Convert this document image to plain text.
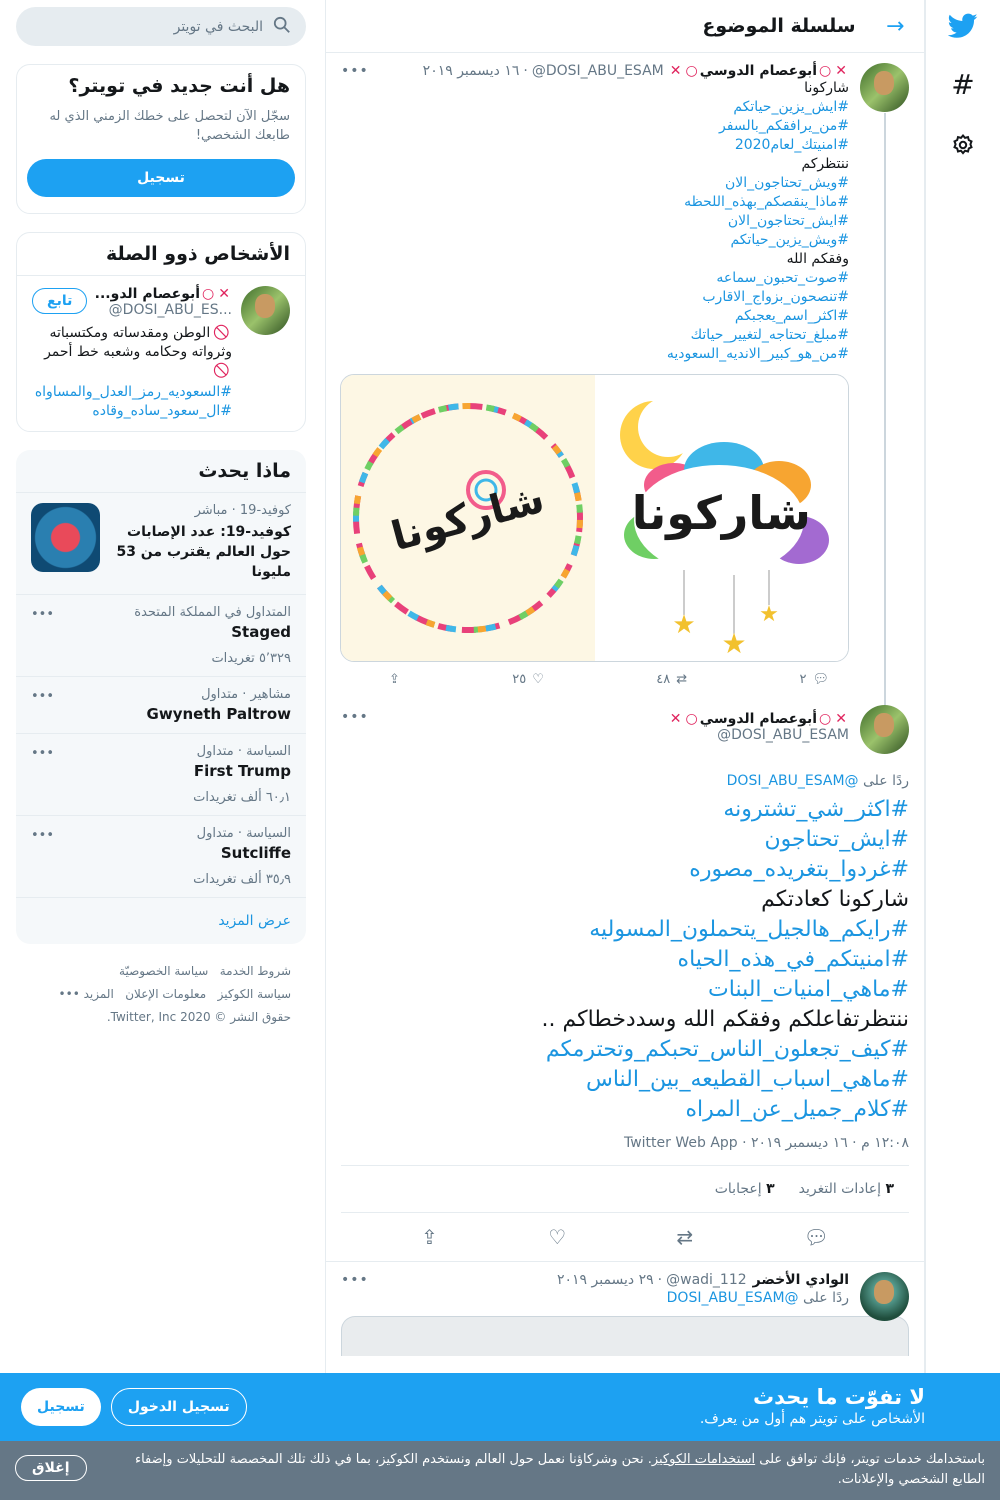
#
←
سلسلة الموضوع
•••	✕
○
أبوعصام الدوسي
○
✕
@DOSI_ABU_ESAM
·
١٦ ديسمبر ٢٠١٩
شاركونا
#ايش_يزين_حياتكم
#من_يرافقكم_بالسفر
#امنيتك_لعام2020
ننتظركم
#ويش_تحتاجون_الان
#ماذا_ينقصكم_بهذه_اللحظه
#ايش_تحتاجون_الان
#ويش_يزين_حياتكم
وفقكم الله
#صوت_تحبون_سماعه
#تنصحون_بزواج_الاقارب
#اكثر_اسم_يعجبكم
#مبلغ_تحتاجه_لتغيير_حياتك
#من_هو_كبير_الانديه_السعوديه
★
★
★
شاركونا
شاركونا
💬︎
٢
⇄
٤٨
♡
٢٥
⇪
•••	✕
○
أبوعصام الدوسي
○
✕
@DOSI_ABU_ESAM
ردًا على @DOSI_ABU_ESAM
#اكثر_شي_تشترونه
#ايش_تحتاجون
#غردوا_بتغريده_مصوره
شاركونا كعادتكم
#رايكم_هالجيل_يتحملون_المسوليه
#امنيتكم_في_هذه_الحياه
#ماهي_امنيات_البنات
ننتظرتفاعلكم وفقكم الله وسددخطاكم ..
#كيف_تجعلون_الناس_تحبكم_وتحترمكم
#ماهي_اسباب_القطيعه_بين_الناس
#كلام_جميل_عن_المراه
١٢:٠٨ م · ١٦ ديسمبر ٢٠١٩ · Twitter Web App
٣ إعادات التغريد
٣ إعجابات
💬︎
⇄
♡
⇪
•••	الوادي الأخضر
@wadi_112
·
٢٩ ديسمبر ٢٠١٩
ردًا على @DOSI_ABU_ESAM
البحث في تويتر
هل أنت جديد في تويتر؟
سجّل الآن لتحصل على خطك الزمني الذي له طابعك الشخصي!
تسجيل
الأشخاص ذوو الصلة
✕
○
أبوعصام الدو...
@DOSI_ABU_ES...
🚫︎الوطن ومقدساته ومكتسباته وثرواته وحكامه وشعبه خط أحمر🚫︎
#السعوديه_رمز_العدل_والمساواه #ال_سعود_ساده_وقاده
تابع
ماذا يحدث
كوفيد-19 · مباشر
كوفيد-19: عدد الإصابات حول العالم يقترب من 53 مليونا
المتداول في المملكة المتحدة
Staged
٥٬٣٢٩ تغريدات
•••
مشاهير · متداول
Gwyneth Paltrow
•••
السياسة · متداول
First Trump
٦٠٫١ ألف تغريدات
•••
السياسة · متداول
Sutcliffe
٣٥٫٩ ألف تغريدات
•••
عرض المزيد
شروط الخدمة   سياسة الخصوصيّة
سياسة الكوكيز   معلومات الإعلان   المزيد •••
حقوق النشر © 2020 Twitter, Inc.
لا تفوّت ما يحدث
الأشخاص على تويتر هم أول من يعرف.
تسجيل	تسجيل الدخول
باستخدامك خدمات تويتر، فإنك توافق على استخدامات الكوكيز. نحن وشركاؤنا نعمل حول العالم ونستخدم الكوكيز، بما في ذلك تلك المخصصة للتحليلات وإضفاء الطابع الشخصي والإعلانات.
إغلاق
